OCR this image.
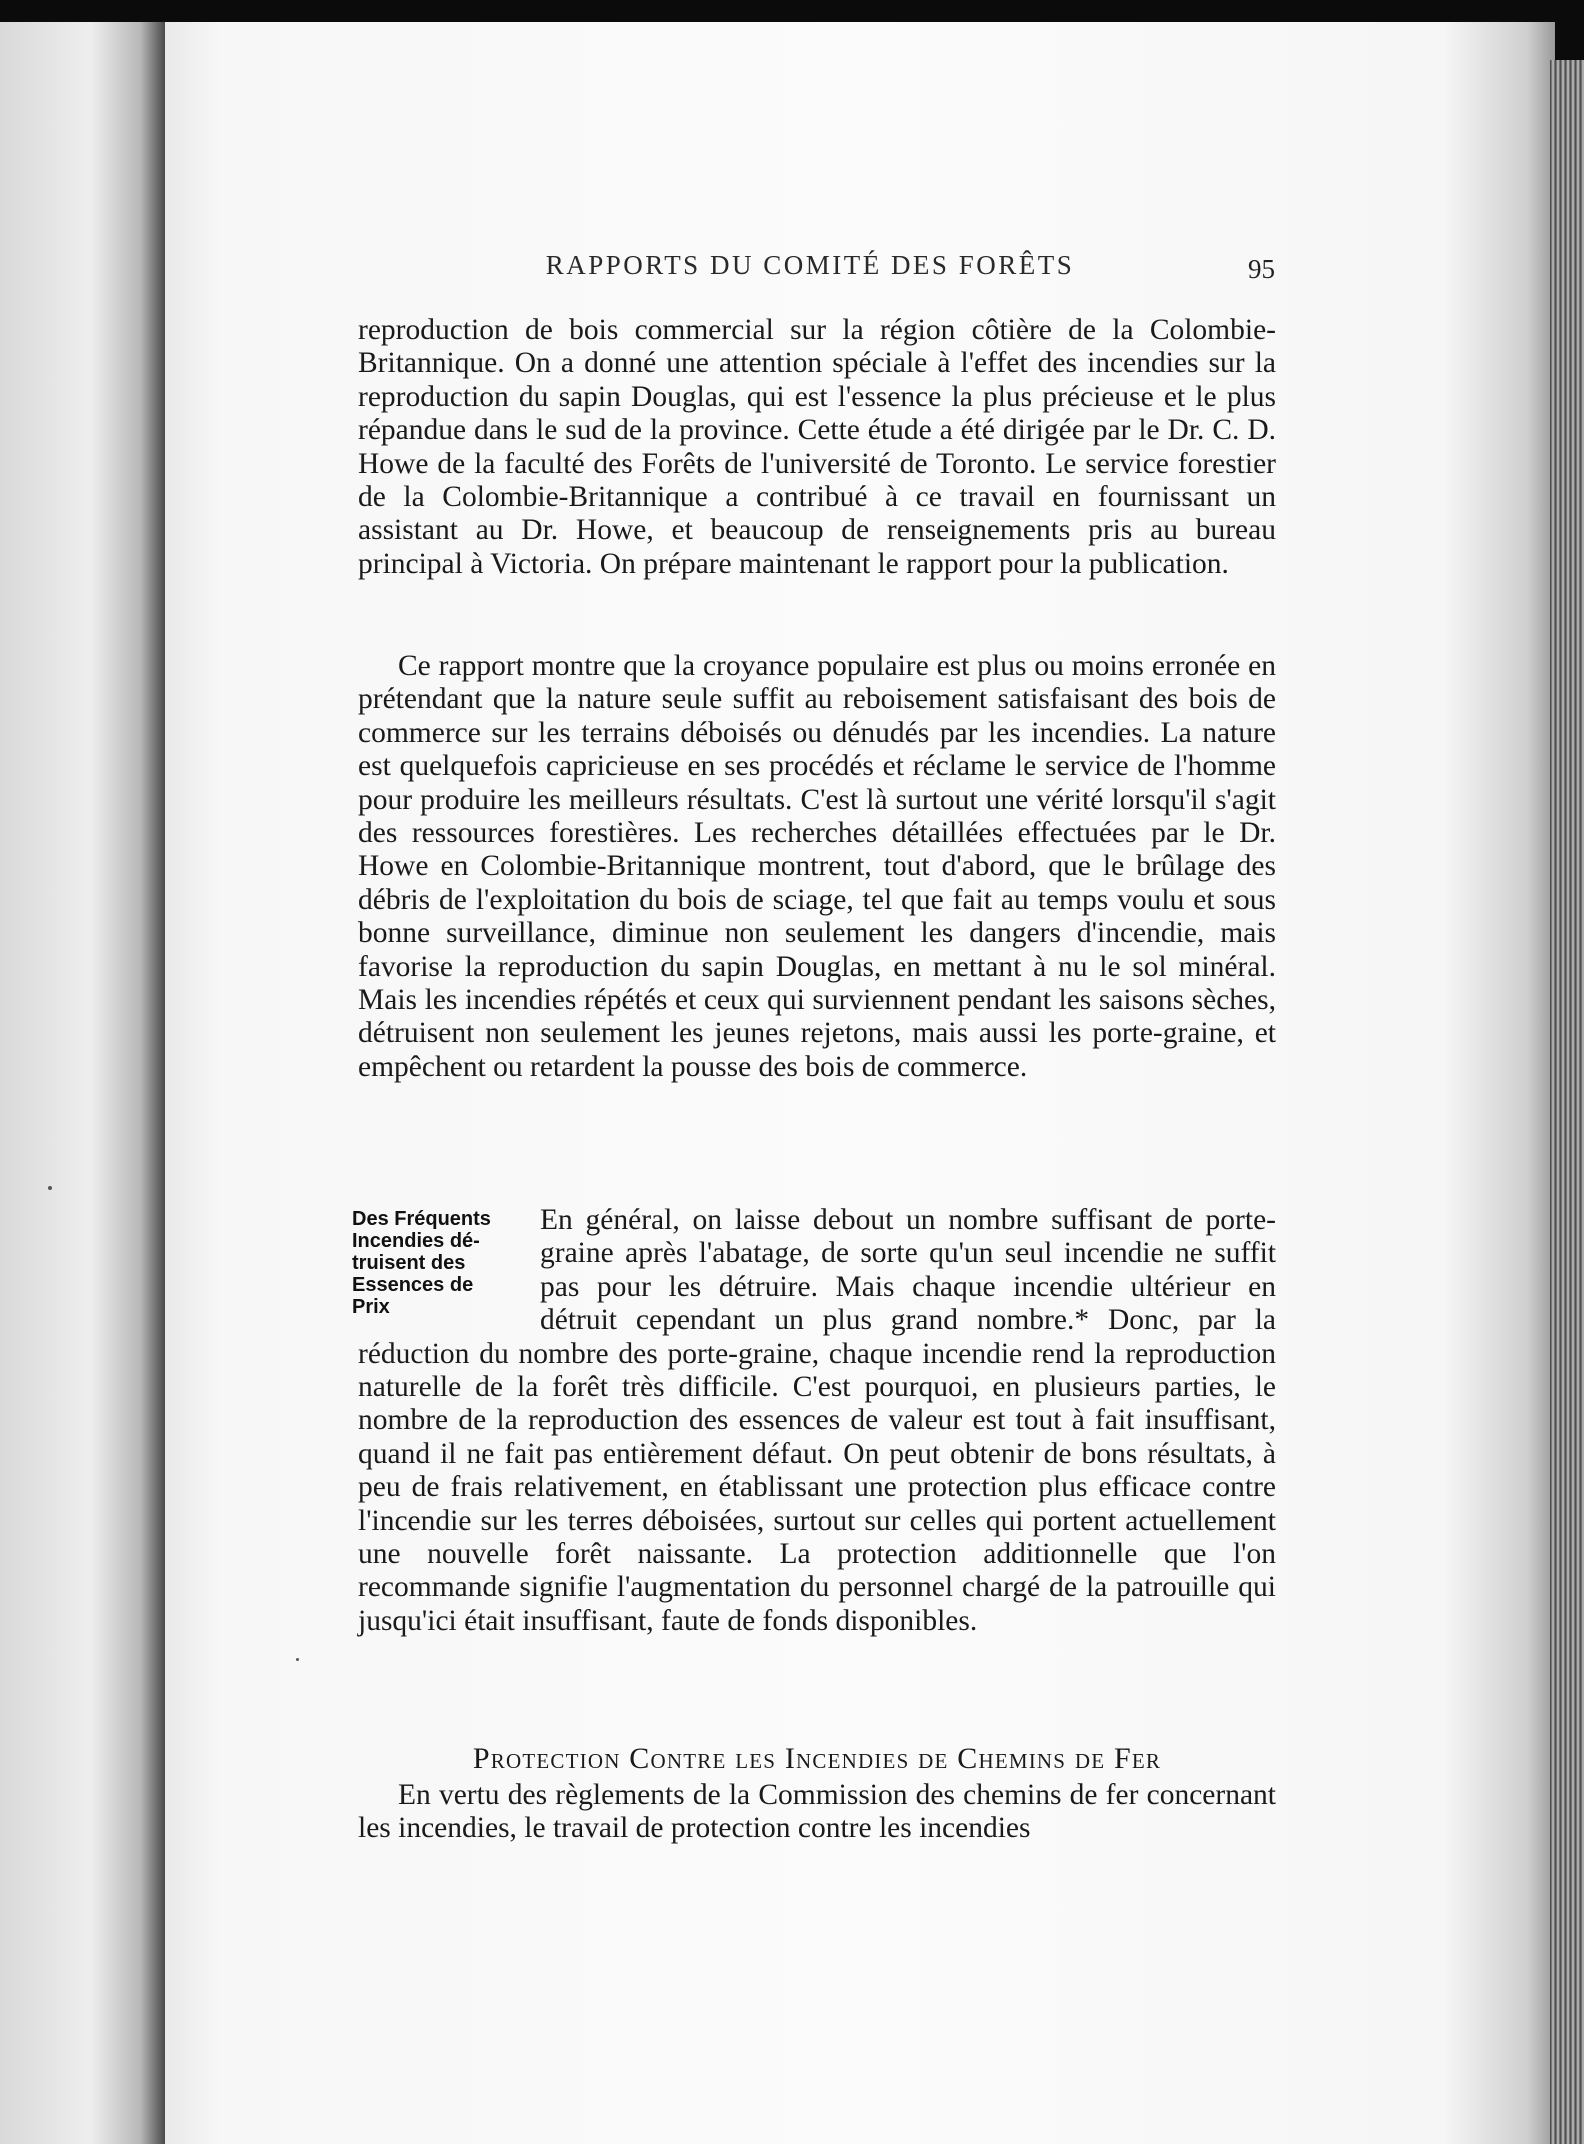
RAPPORTS DU COMITÉ DES FORÊTS	95

reproduction de bois commercial sur la région côtière de la Colombie-Britannique. On a donné une attention spéciale à l'effet des incendies sur la reproduction du sapin Douglas, qui est l'essence la plus précieuse et le plus répandue dans le sud de la province. Cette étude a été dirigée par le Dr. C. D. Howe de la faculté des Forêts de l'université de Toronto. Le service forestier de la Colombie-Britannique a contribué à ce travail en fournissant un assistant au Dr. Howe, et beaucoup de renseignements pris au bureau principal à Victoria. On prépare maintenant le rapport pour la publication.

Ce rapport montre que la croyance populaire est plus ou moins erronée en prétendant que la nature seule suffit au reboisement satisfaisant des bois de commerce sur les terrains déboisés ou dénudés par les incendies. La nature est quelquefois capricieuse en ses procédés et réclame le service de l'homme pour produire les meilleurs résultats. C'est là surtout une vérité lorsqu'il s'agit des ressources forestières. Les recherches détaillées effectuées par le Dr. Howe en Colombie-Britannique montrent, tout d'abord, que le brûlage des débris de l'exploitation du bois de sciage, tel que fait au temps voulu et sous bonne surveillance, diminue non seulement les dangers d'incendie, mais favorise la reproduction du sapin Douglas, en mettant à nu le sol minéral. Mais les incendies répétés et ceux qui surviennent pendant les saisons sèches, détruisent non seulement les jeunes rejetons, mais aussi les porte-graine, et empêchent ou retardent la pousse des bois de commerce.

Des Fréquents
Incendies dé-
truisent des
Essences de
Prix

En général, on laisse debout un nombre suffisant de porte-graine après l'abatage, de sorte qu'un seul incendie ne suffit pas pour les détruire. Mais chaque incendie ultérieur en détruit cependant un plus grand nombre.* Donc, par la réduction du nombre des porte-graine, chaque incendie rend la reproduction naturelle de la forêt très difficile. C'est pourquoi, en plusieurs parties, le nombre de la reproduction des essences de valeur est tout à fait insuffisant, quand il ne fait pas entièrement défaut. On peut obtenir de bons résultats, à peu de frais relativement, en établissant une protection plus efficace contre l'incendie sur les terres déboisées, surtout sur celles qui portent actuellement une nouvelle forêt naissante. La protection additionnelle que l'on recommande signifie l'augmentation du personnel chargé de la patrouille qui jusqu'ici était insuffisant, faute de fonds disponibles.

Protection Contre les Incendies de Chemins de Fer

En vertu des règlements de la Commission des chemins de fer concernant les incendies, le travail de protection contre les incendies
